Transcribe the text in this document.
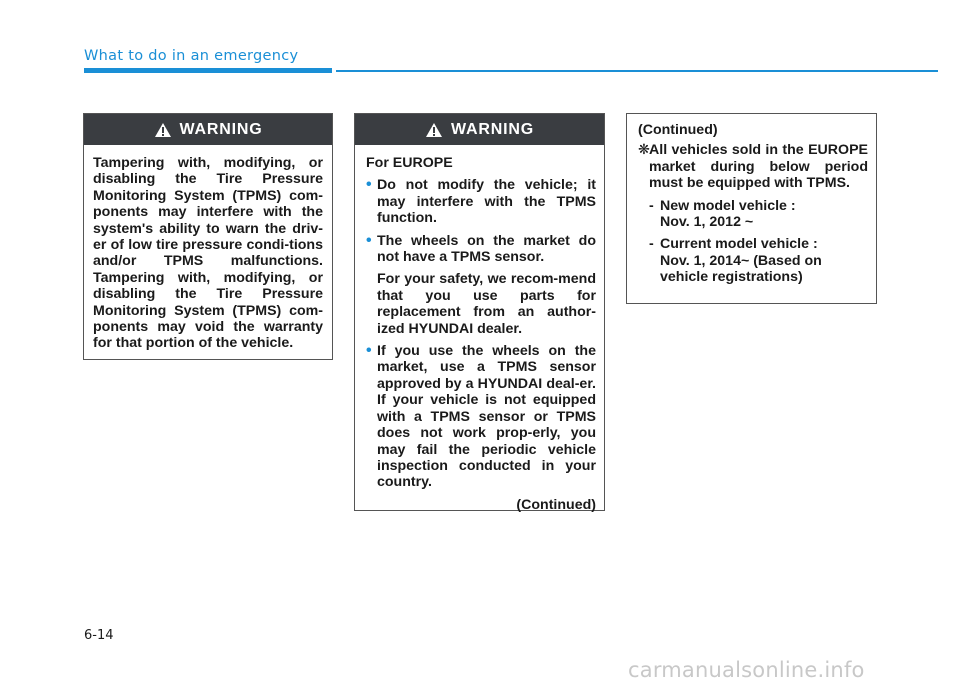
What to do in an emergency
WARNING

Tampering with, modifying, or disabling the Tire Pressure Monitoring System (TPMS) com-ponents may interfere with the system's ability to warn the driv-er of low tire pressure condi-tions and/or TPMS malfunctions. Tampering with, modifying, or disabling the Tire Pressure Monitoring System (TPMS) com-ponents may void the warranty for that portion of the vehicle.

WARNING

For EUROPE

• Do not modify the vehicle; it may interfere with the TPMS function.

• The wheels on the market do not have a TPMS sensor.

For your safety, we recom-mend that you use parts for replacement from an author-ized HYUNDAI dealer.

• If you use the wheels on the market, use a TPMS sensor approved by a HYUNDAI deal-er. If your vehicle is not equipped with a TPMS sensor or TPMS does not work prop-erly, you may fail the periodic vehicle inspection conducted in your country.

(Continued)

(Continued)

❋ All vehicles sold in the EUROPE market during below period must be equipped with TPMS.
- New model vehicle :
Nov. 1, 2012 ~
- Current model vehicle :
Nov. 1, 2014~ (Based on vehicle registrations)
6-14
carmanualsonline.info
